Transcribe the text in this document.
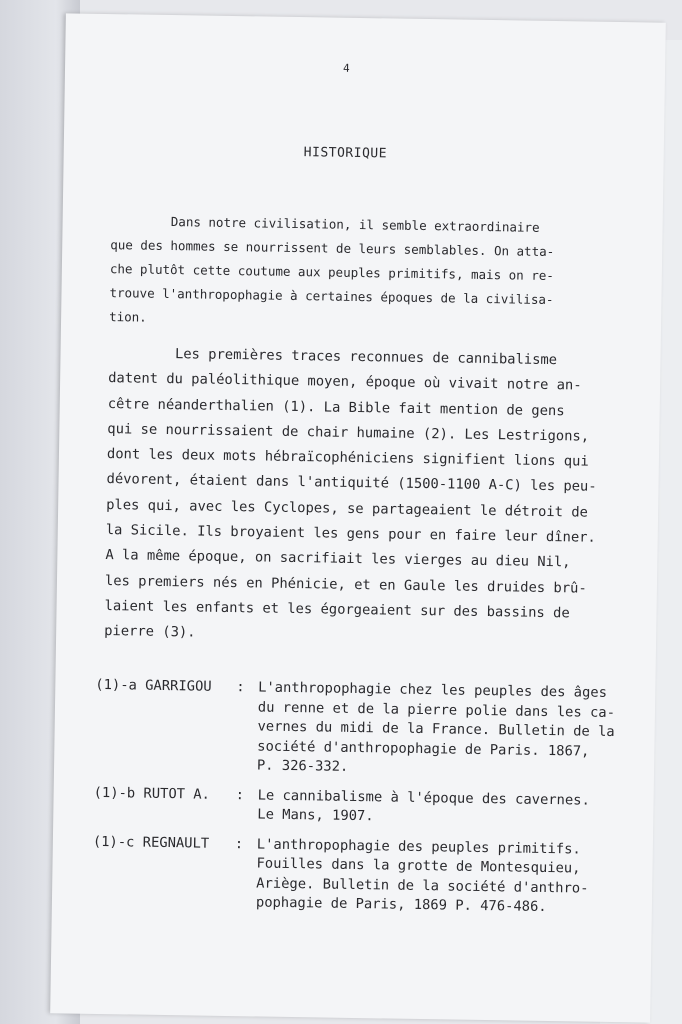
4
HISTORIQUE
Dans notre civilisation, il semble extraordinaire
que des hommes se nourrissent de leurs semblables. On atta-
che plutôt cette coutume aux peuples primitifs, mais on re-
trouve l'anthropophagie à certaines époques de la civilisa-
tion.
Les premières traces reconnues de cannibalisme
datent du paléolithique moyen, époque où vivait notre an-
cêtre néanderthalien (1). La Bible fait mention de gens
qui se nourrissaient de chair humaine (2). Les Lestrigons,
dont les deux mots hébraïcophéniciens signifient lions qui
dévorent, étaient dans l'antiquité (1500-1100 A-C) les peu-
ples qui, avec les Cyclopes, se partageaient le détroit de
la Sicile. Ils broyaient les gens pour en faire leur dîner.
A la même époque, on sacrifiait les vierges au dieu Nil,
les premiers nés en Phénicie, et en Gaule les druides brû-
laient les enfants et les égorgeaient sur des bassins de
pierre (3).
(1)-a GARRIGOU	: L'anthropophagie chez les peuples des âges
du renne et de la pierre polie dans les ca-
vernes du midi de la France. Bulletin de la
société d'anthropophagie de Paris. 1867,
P. 326-332.
(1)-b RUTOT A.	: Le cannibalisme à l'époque des cavernes.
Le Mans, 1907.
(1)-c REGNAULT	: L'anthropophagie des peuples primitifs.
Fouilles dans la grotte de Montesquieu,
Ariège. Bulletin de la société d'anthro-
pophagie de Paris, 1869 P. 476-486.
